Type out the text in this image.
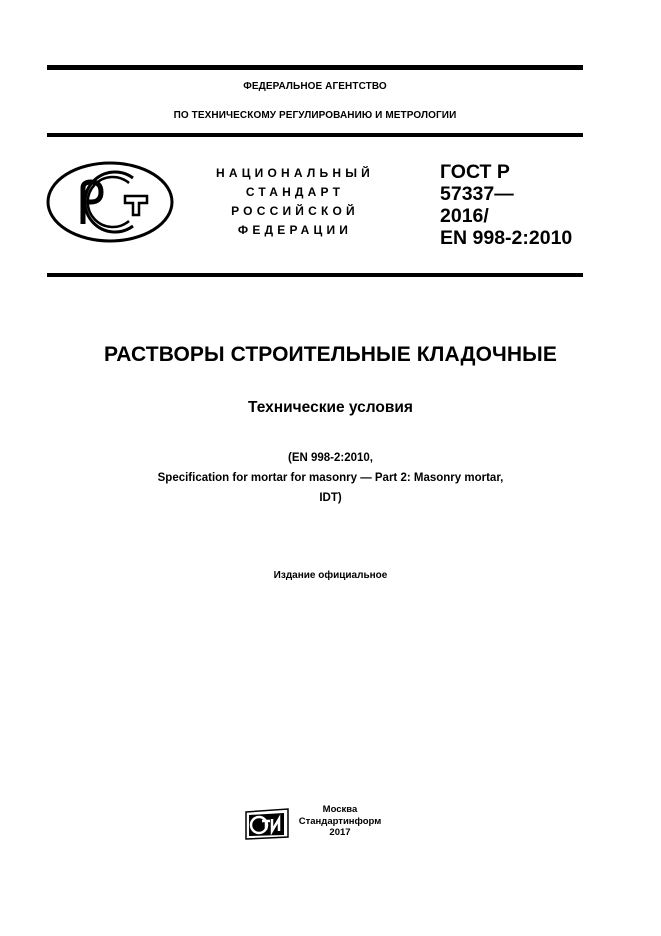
ФЕДЕРАЛЬНОЕ АГЕНТСТВО
ПО ТЕХНИЧЕСКОМУ РЕГУЛИРОВАНИЮ И МЕТРОЛОГИИ
НАЦИОНАЛЬНЫЙ
СТАНДАРТ
РОССИЙСКОЙ
ФЕДЕРАЦИИ
ГОСТ Р
57337—
2016/
EN 998-2:2010
РАСТВОРЫ СТРОИТЕЛЬНЫЕ КЛАДОЧНЫЕ
Технические условия
(EN 998-2:2010,
Specification for mortar for masonry — Part 2: Masonry mortar,
IDT)
Издание официальное
Москва
Стандартинформ
2017
